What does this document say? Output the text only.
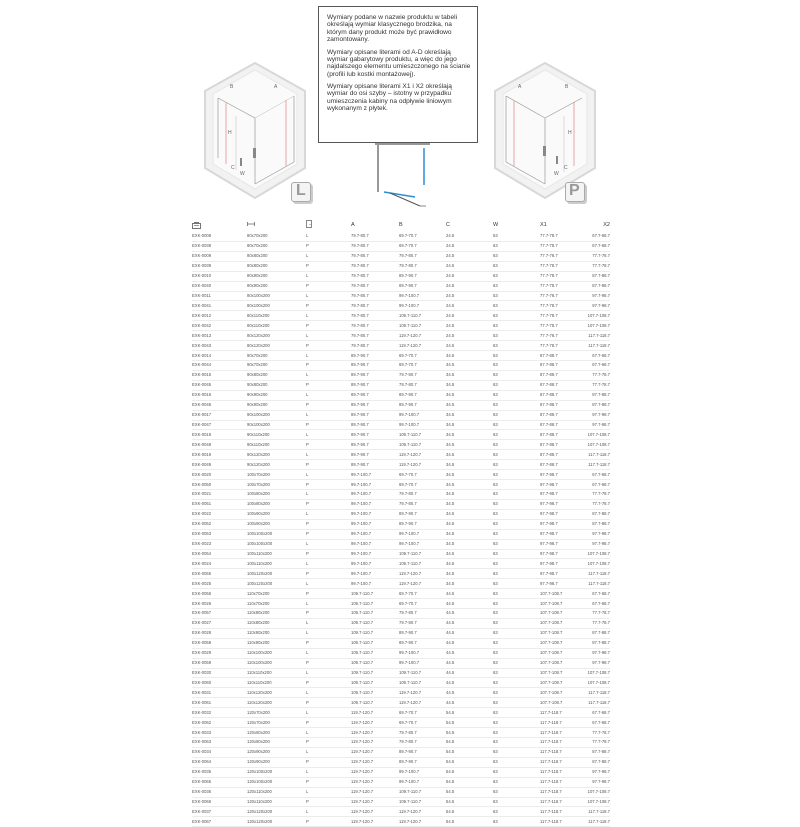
A
B
H
C
W
L

Wymiary podane w nazwie produktu w tabeli określają wymiar klasycznego brodzika, na którym dany produkt może być prawidłowo zamontowany.

Wymiary opisane literami od A-D określają wymiar gabarytowy produktu, a więc do jego najdalszego elementu umieszczonego na ścianie (profili lub kostki montażowej).

Wymiary opisane literami X1 i X2 określają wymiar do osi szyby – istotny w przypadku umieszczenia kabiny na odpływie liniowym wykonanym z płytek.

A	B
H
C
W
P
			A	B	C	W	X1	X2
EXK-0008	80x70x200	L	79.7-80.7	69.7-70.7	24.5	53	77.7-78.7	67.7-68.7
EXK-0038	80x70x200	P	79.7-80.7	69.7-70.7	24.5	63	77.7-78.7	67.7-68.7
EXK-0009	80x80x200	L	79.7-80.7	79.7-80.7	24.5	63	77.7-78.7	77.7-78.7
EXK-0039	80x80x200	P	79.7-80.7	79.7-80.7	24.5	63	77.7-78.7	77.7-78.7
EXK-0010	80x90x200	L	79.7-80.7	89.7-90.7	24.5	63	77.7-78.7	87.7-88.7
EXK-0040	80x90x200	P	79.7-80.7	89.7-90.7	24.5	63	77.7-78.7	87.7-88.7
EXK-0011	80x100x200	L	79.7-80.7	99.7-100.7	24.5	53	77.7-78.7	97.7-98.7
EXK-0041	80x100x200	P	79.7-80.7	99.7-100.7	24.5	63	77.7-78.7	97.7-98.7
EXK-0012	80x110x200	L	79.7-80.7	109.7-110.7	24.5	63	77.7-78.7	107.7-108.7
EXK-0042	80x110x200	P	79.7-80.7	109.7-110.7	24.5	63	77.7-78.7	107.7-108.7
EXK-0013	80x120x200	L	79.7-80.7	119.7-120.7	24.5	53	77.7-78.7	117.7-118.7
EXK-0043	80x120x200	P	79.7-80.7	119.7-120.7	24.5	63	77.7-78.7	117.7-118.7
EXK-0014	90x70x200	L	89.7-90.7	69.7-70.7	34.5	53	87.7-88.7	67.7-68.7
EXK-0044	90x70x200	P	89.7-90.7	69.7-70.7	34.5	63	87.7-88.7	67.7-68.7
EXK-0015	90x80x200	L	89.7-90.7	79.7-80.7	34.5	63	87.7-88.7	77.7-78.7
EXK-0045	90x80x200	P	89.7-90.7	79.7-80.7	34.5	63	87.7-88.7	77.7-78.7
EXK-0016	90x90x200	L	89.7-90.7	89.7-90.7	34.5	63	87.7-88.7	87.7-88.7
EXK-0046	90x90x200	P	89.7-90.7	89.7-90.7	34.5	63	87.7-88.7	87.7-88.7
EXK-0017	90x100x200	L	89.7-90.7	99.7-100.7	34.5	63	87.7-88.7	97.7-98.7
EXK-0047	90x100x200	P	89.7-90.7	99.7-100.7	34.5	63	87.7-88.7	97.7-98.7
EXK-0018	90x110x200	L	89.7-90.7	109.7-110.7	34.5	63	87.7-88.7	107.7-108.7
EXK-0048	90x110x200	P	89.7-90.7	109.7-110.7	34.5	63	87.7-88.7	107.7-108.7
EXK-0019	90x120x200	L	89.7-90.7	119.7-120.7	34.5	63	87.7-88.7	117.7-118.7
EXK-0049	90x120x200	P	89.7-90.7	119.7-120.7	34.5	63	87.7-88.7	117.7-118.7
EXK-0020	100x70x200	L	99.7-100.7	69.7-70.7	34.5	63	97.7-98.7	67.7-68.7
EXK-0050	100x70x200	P	99.7-100.7	69.7-70.7	34.5	63	97.7-98.7	67.7-68.7
EXK-0021	100x80x200	L	99.7-100.7	79.7-80.7	34.5	63	97.7-98.7	77.7-78.7
EXK-0051	100x80x200	P	99.7-100.7	79.7-80.7	34.5	63	97.7-98.7	77.7-78.7
EXK-0022	100x90x200	L	99.7-100.7	89.7-90.7	34.5	63	97.7-98.7	87.7-88.7
EXK-0052	100x90x200	P	99.7-100.7	89.7-90.7	34.5	63	97.7-98.7	87.7-88.7
EXK-0053	100x100x200	P	99.7-100.7	99.7-100.7	34.5	63	97.7-98.7	97.7-98.7
EXK-0023	100x100x200	L	99.7-100.7	99.7-100.7	34.5	63	97.7-98.7	97.7-98.7
EXK-0054	100x110x200	P	99.7-100.7	109.7-110.7	34.5	63	97.7-98.7	107.7-108.7
EXK-0024	100x110x200	L	99.7-100.7	109.7-110.7	34.5	63	97.7-98.7	107.7-108.7
EXK-0055	100x120x200	P	99.7-100.7	119.7-120.7	34.5	63	97.7-98.7	117.7-118.7
EXK-0025	100x120x200	L	99.7-100.7	119.7-120.7	34.5	63	97.7-98.7	117.7-118.7
EXK-0056	110x70x200	P	109.7-110.7	69.7-70.7	44.5	63	107.7-108.7	67.7-68.7
EXK-0026	110x70x200	L	109.7-110.7	69.7-70.7	44.5	63	107.7-108.7	67.7-68.7
EXK-0057	110x80x200	P	109.7-110.7	79.7-80.7	44.5	63	107.7-108.7	77.7-78.7
EXK-0027	110x80x200	L	109.7-110.7	79.7-80.7	44.5	63	107.7-108.7	77.7-78.7
EXK-0028	110x90x200	L	109.7-110.7	89.7-90.7	44.5	63	107.7-108.7	87.7-88.7
EXK-0058	110x90x200	P	109.7-110.7	89.7-90.7	44.5	63	107.7-108.7	87.7-88.7
EXK-0029	110x100x200	L	109.7-110.7	99.7-100.7	44.5	63	107.7-108.7	97.7-98.7
EXK-0059	110x100x200	P	109.7-110.7	99.7-100.7	44.5	63	107.7-108.7	97.7-98.7
EXK-0030	110x110x200	L	109.7-110.7	109.7-110.7	44.5	63	107.7-108.7	107.7-108.7
EXK-0060	110x110x200	P	109.7-110.7	109.7-110.7	44.5	63	107.7-108.7	107.7-108.7
EXK-0031	110x120x200	L	109.7-110.7	119.7-120.7	44.5	63	107.7-108.7	117.7-118.7
EXK-0061	110x120x200	P	109.7-110.7	119.7-120.7	44.5	63	107.7-108.7	117.7-118.7
EXK-0032	120x70x200	L	119.7-120.7	69.7-70.7	54.5	63	117.7-118.7	67.7-68.7
EXK-0062	120x70x200	P	119.7-120.7	69.7-70.7	54.5	63	117.7-118.7	67.7-68.7
EXK-0033	120x80x200	L	119.7-120.7	79.7-80.7	54.5	63	117.7-118.7	77.7-78.7
EXK-0063	120x80x200	P	119.7-120.7	79.7-80.7	54.5	63	117.7-118.7	77.7-78.7
EXK-0034	120x90x200	L	119.7-120.7	89.7-90.7	54.5	63	117.7-118.7	87.7-88.7
EXK-0064	120x90x200	P	119.7-120.7	89.7-90.7	54.5	63	117.7-118.7	87.7-88.7
EXK-0035	120x100x200	L	119.7-120.7	99.7-100.7	54.5	63	117.7-118.7	97.7-98.7
EXK-0065	120x100x200	P	119.7-120.7	99.7-100.7	54.5	63	117.7-118.7	97.7-98.7
EXK-0036	120x110x200	L	119.7-120.7	109.7-110.7	54.5	63	117.7-118.7	107.7-108.7
EXK-0066	120x110x200	P	119.7-120.7	109.7-110.7	54.5	63	117.7-118.7	107.7-108.7
EXK-0037	120x120x200	L	119.7-120.7	119.7-120.7	54.5	63	117.7-118.7	117.7-118.7
EXK-0067	120x120x200	P	119.7-120.7	119.7-120.7	54.5	63	117.7-118.7	117.7-118.7
